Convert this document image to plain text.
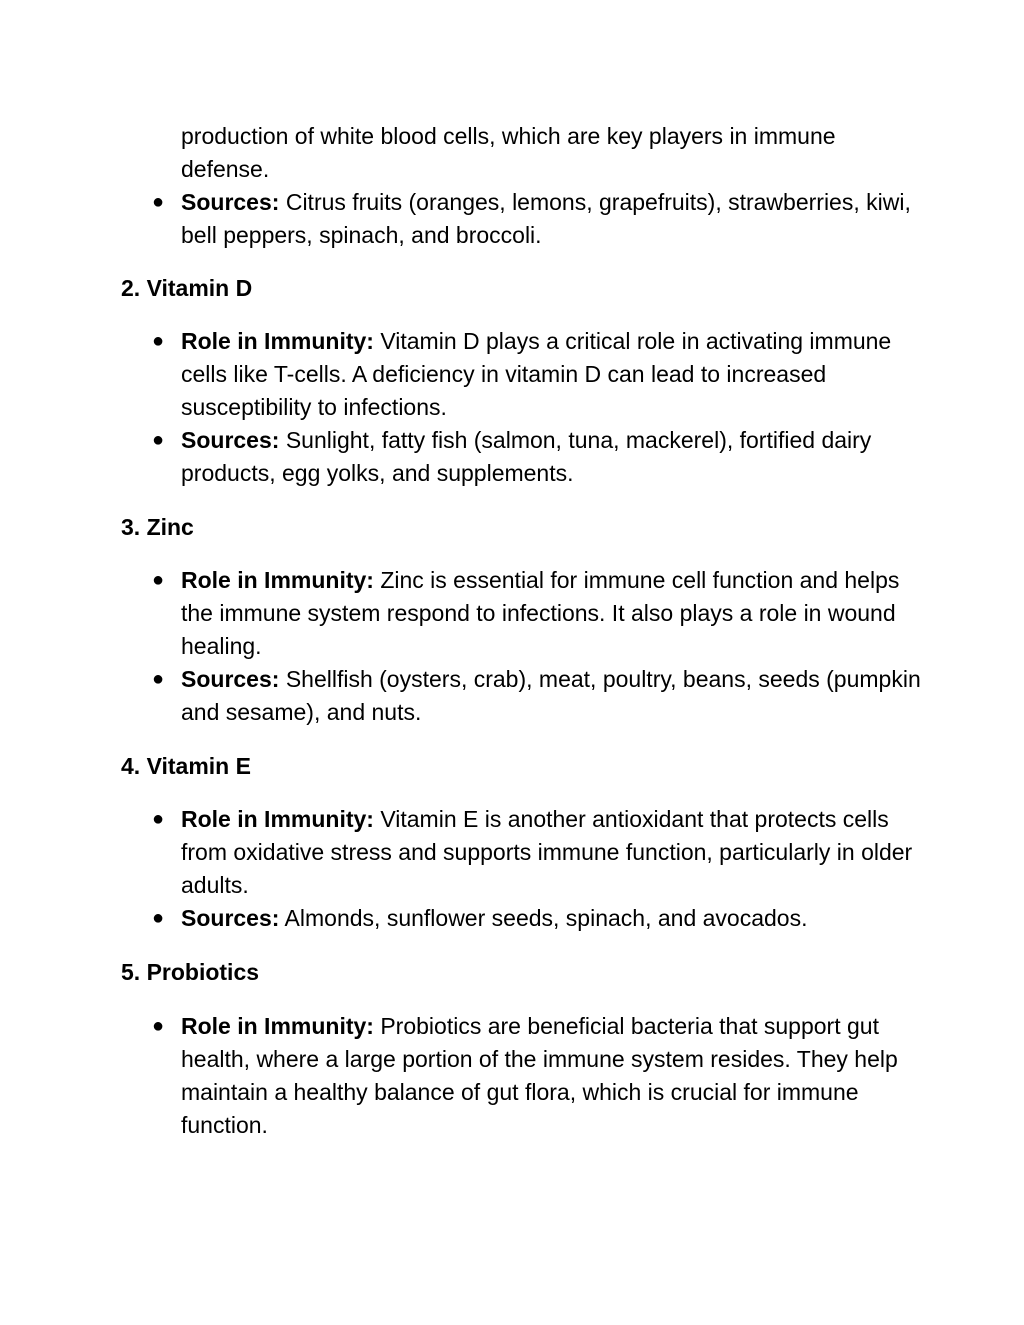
production of white blood cells, which are key players in immune defense.

● Sources: Citrus fruits (oranges, lemons, grapefruits), strawberries, kiwi, bell peppers, spinach, and broccoli.
2. Vitamin D
● Role in Immunity: Vitamin D plays a critical role in activating immune cells like T-cells. A deficiency in vitamin D can lead to increased susceptibility to infections.
● Sources: Sunlight, fatty fish (salmon, tuna, mackerel), fortified dairy products, egg yolks, and supplements.
3. Zinc
● Role in Immunity: Zinc is essential for immune cell function and helps the immune system respond to infections. It also plays a role in wound healing.
● Sources: Shellfish (oysters, crab), meat, poultry, beans, seeds (pumpkin and sesame), and nuts.
4. Vitamin E
● Role in Immunity: Vitamin E is another antioxidant that protects cells from oxidative stress and supports immune function, particularly in older adults.
● Sources: Almonds, sunflower seeds, spinach, and avocados.
5. Probiotics
● Role in Immunity: Probiotics are beneficial bacteria that support gut health, where a large portion of the immune system resides. They help maintain a healthy balance of gut flora, which is crucial for immune function.
